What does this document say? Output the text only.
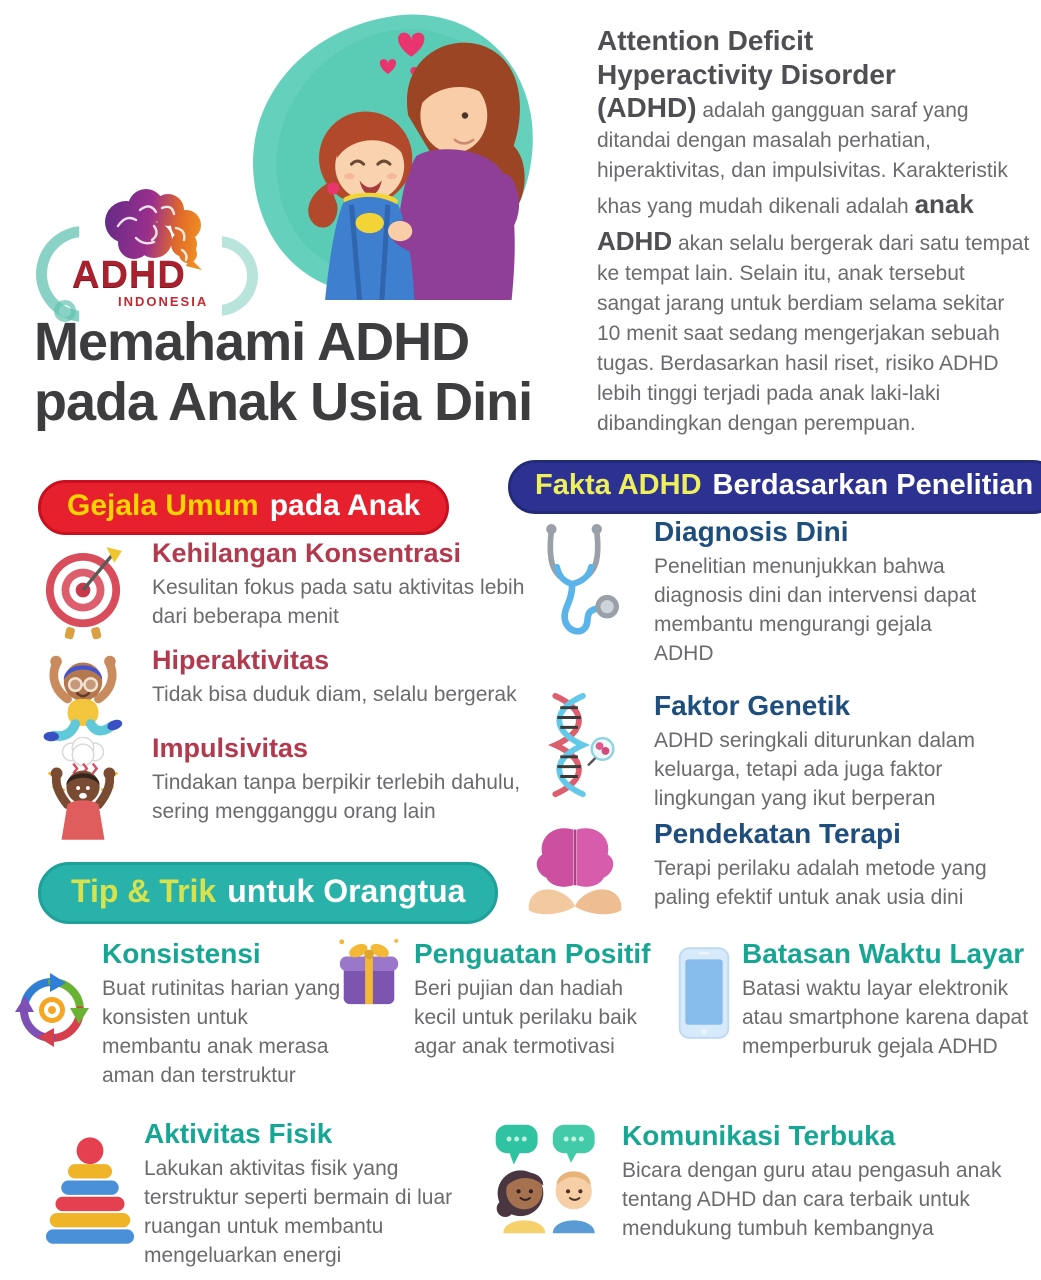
ADHD
INDONESIA
Memahami ADHD
pada Anak Usia Dini
Attention Deficit
Hyperactivity Disorder
(ADHD) adalah gangguan saraf yang ditandai dengan masalah perhatian, hiperaktivitas, dan impulsivitas. Karakteristik khas yang mudah dikenali adalah anak ADHD akan selalu bergerak dari satu tempat ke tempat lain. Selain itu, anak tersebut sangat jarang untuk berdiam selama sekitar 10 menit saat sedang mengerjakan sebuah tugas. Berdasarkan hasil riset, risiko ADHD lebih tinggi terjadi pada anak laki-laki dibandingkan dengan perempuan.
Gejala Umum pada Anak

Kehilangan Konsentrasi

Kesulitan fokus pada satu aktivitas lebih dari beberapa menit

Hiperaktivitas

Tidak bisa duduk diam, selalu bergerak

Impulsivitas

Tindakan tanpa berpikir terlebih dahulu, sering mengganggu orang lain

Fakta ADHD Berdasarkan Penelitian

Diagnosis Dini

Penelitian menunjukkan bahwa diagnosis dini dan intervensi dapat membantu mengurangi gejala ADHD

Faktor Genetik

ADHD seringkali diturunkan dalam keluarga, tetapi ada juga faktor lingkungan yang ikut berperan

Pendekatan Terapi

Terapi perilaku adalah metode yang paling efektif untuk anak usia dini

Tip & Trik untuk Orangtua

Konsistensi

Buat rutinitas harian yang konsisten untuk membantu anak merasa aman dan terstruktur

Penguatan Positif

Beri pujian dan hadiah kecil untuk perilaku baik agar anak termotivasi

Batasan Waktu Layar

Batasi waktu layar elektronik atau smartphone karena dapat memperburuk gejala ADHD

Aktivitas Fisik

Lakukan aktivitas fisik yang terstruktur seperti bermain di luar ruangan untuk membantu mengeluarkan energi

Komunikasi Terbuka

Bicara dengan guru atau pengasuh anak tentang ADHD dan cara terbaik untuk mendukung tumbuh kembangnya
